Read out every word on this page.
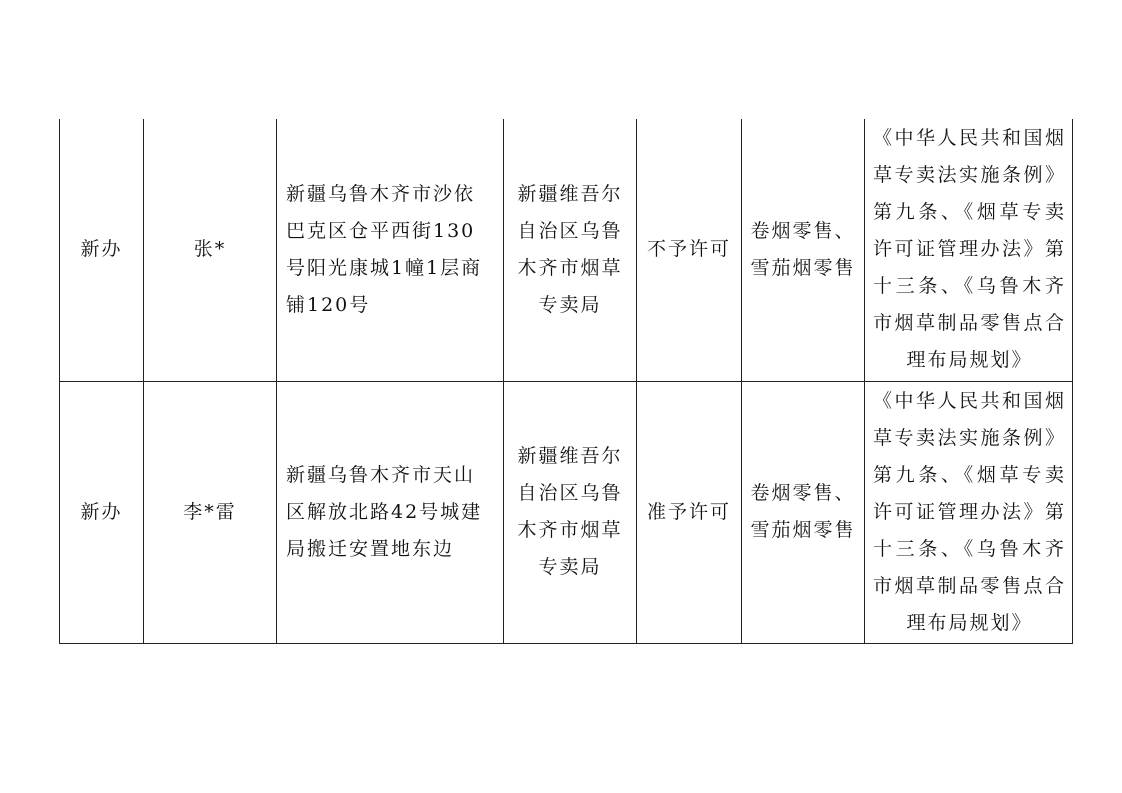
新办	张*	新疆乌鲁木齐市沙依巴克区仓平西街130号阳光康城1幢1层商铺120号	新疆维吾尔自治区乌鲁木齐市烟草专卖局	不予许可	卷烟零售、雪茄烟零售	《中华人民共和国烟草专卖法实施条例》第九条、《烟草专卖许可证管理办法》第十三条、《乌鲁木齐市烟草制品零售点合理布局规划》

新办	李*雷	新疆乌鲁木齐市天山区解放北路42号城建局搬迁安置地东边	新疆维吾尔自治区乌鲁木齐市烟草专卖局	准予许可	卷烟零售、雪茄烟零售	《中华人民共和国烟草专卖法实施条例》第九条、《烟草专卖许可证管理办法》第十三条、《乌鲁木齐市烟草制品零售点合理布局规划》
